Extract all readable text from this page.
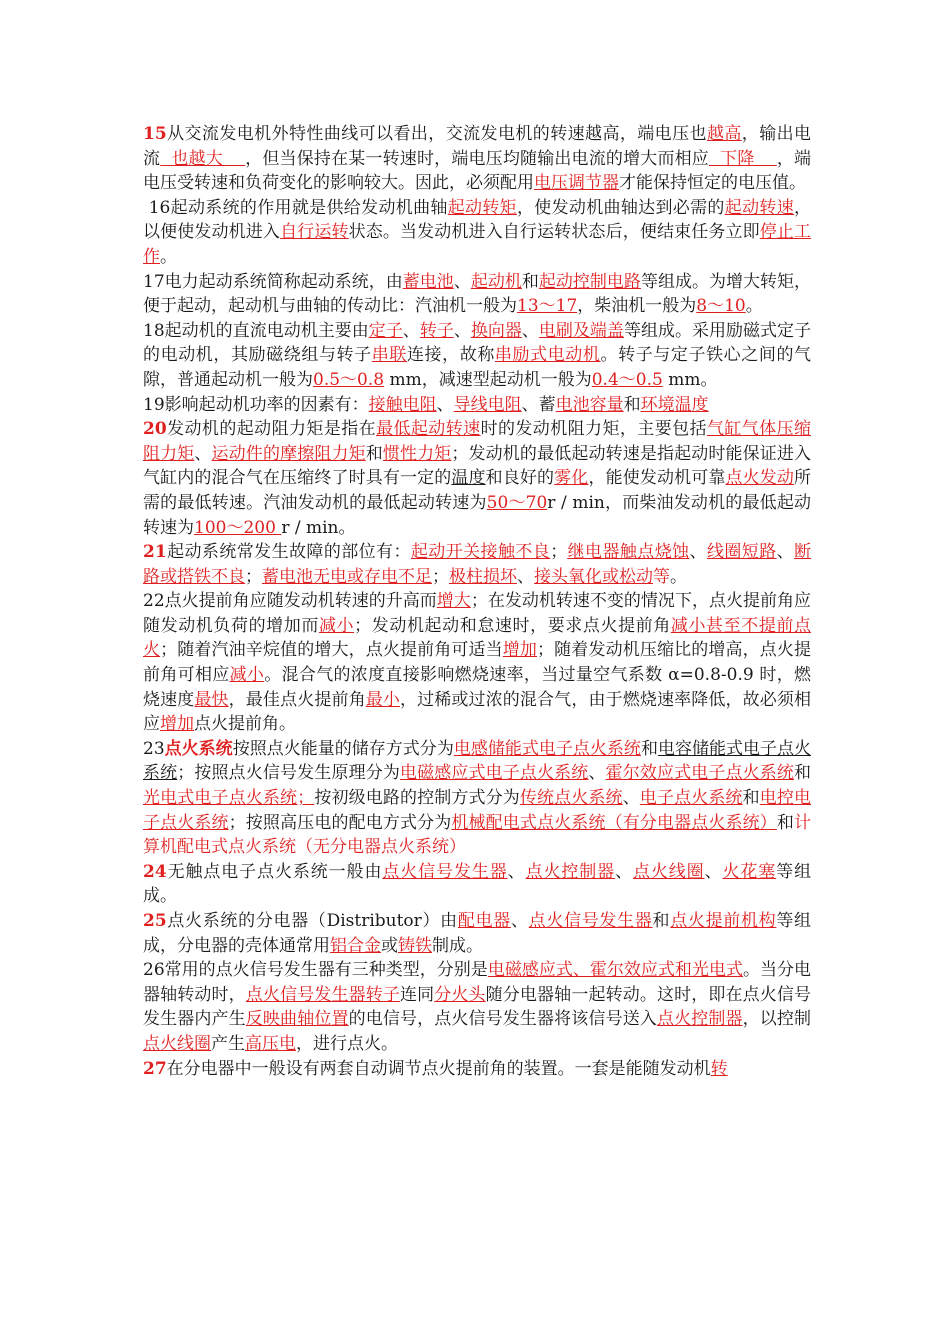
15从交流发电机外特性曲线可以看出，交流发电机的转速越高，端电压也越高，输出电流  也越大    ，但当保持在某一转速时，端电压均随输出电流的增大而相应  下降    ，端电压受转速和负荷变化的影响较大。因此，必须配用电压调节器才能保持恒定的电压值。

16起动系统的作用就是供给发动机曲轴起动转矩，使发动机曲轴达到必需的起动转速，以便使发动机进入自行运转状态。当发动机进入自行运转状态后，便结束任务立即停止工作。

17电力起动系统简称起动系统，由蓄电池、起动机和起动控制电路等组成。为增大转矩，便于起动，起动机与曲轴的传动比：汽油机一般为13～17，柴油机一般为8～10。

18起动机的直流电动机主要由定子、转子、换向器、电刷及端盖等组成。采用励磁式定子的电动机，其励磁绕组与转子串联连接，故称串励式电动机。转子与定子铁心之间的气隙，普通起动机一般为0.5～0.8 mm，减速型起动机一般为0.4～0.5 mm。

19影响起动机功率的因素有：接触电阻、导线电阻、蓄电池容量和环境温度

20发动机的起动阻力矩是指在最低起动转速时的发动机阻力矩，主要包括气缸气体压缩阻力矩、运动件的摩擦阻力矩和惯性力矩；发动机的最低起动转速是指起动时能保证进入气缸内的混合气在压缩终了时具有一定的温度和良好的雾化，能使发动机可靠点火发动所需的最低转速。汽油发动机的最低起动转速为50～70r / min，而柴油发动机的最低起动转速为100～200 r / min。

21起动系统常发生故障的部位有：起动开关接触不良；继电器触点烧蚀、线圈短路、断路或搭铁不良；蓄电池无电或存电不足；极柱损坏、接头氧化或松动等。

22点火提前角应随发动机转速的升高而增大；在发动机转速不变的情况下，点火提前角应随发动机负荷的增加而减小；发动机起动和怠速时，要求点火提前角减小甚至不提前点火；随着汽油辛烷值的增大，点火提前角可适当增加；随着发动机压缩比的增高，点火提前角可相应减小。混合气的浓度直接影响燃烧速率，当过量空气系数 α=0.8-0.9 时，燃烧速度最快，最佳点火提前角最小，过稀或过浓的混合气，由于燃烧速率降低，故必须相应增加点火提前角。

23点火系统按照点火能量的储存方式分为电感储能式电子点火系统和电容储能式电子点火系统；按照点火信号发生原理分为电磁感应式电子点火系统、霍尔效应式电子点火系统和光电式电子点火系统；按初级电路的控制方式分为传统点火系统、电子点火系统和电控电子点火系统；按照高压电的配电方式分为机械配电式点火系统（有分电器点火系统）和计算机配电式点火系统（无分电器点火系统）

24无触点电子点火系统一般由点火信号发生器、点火控制器、点火线圈、火花塞等组成。

25点火系统的分电器（Distributor）由配电器、点火信号发生器和点火提前机构等组成，分电器的壳体通常用铝合金或铸铁制成。

26常用的点火信号发生器有三种类型，分别是电磁感应式、霍尔效应式和光电式。当分电器轴转动时，点火信号发生器转子连同分火头随分电器轴一起转动。这时，即在点火信号发生器内产生反映曲轴位置的电信号，点火信号发生器将该信号送入点火控制器，以控制点火线圈产生高压电，进行点火。

27在分电器中一般设有两套自动调节点火提前角的装置。一套是能随发动机转
